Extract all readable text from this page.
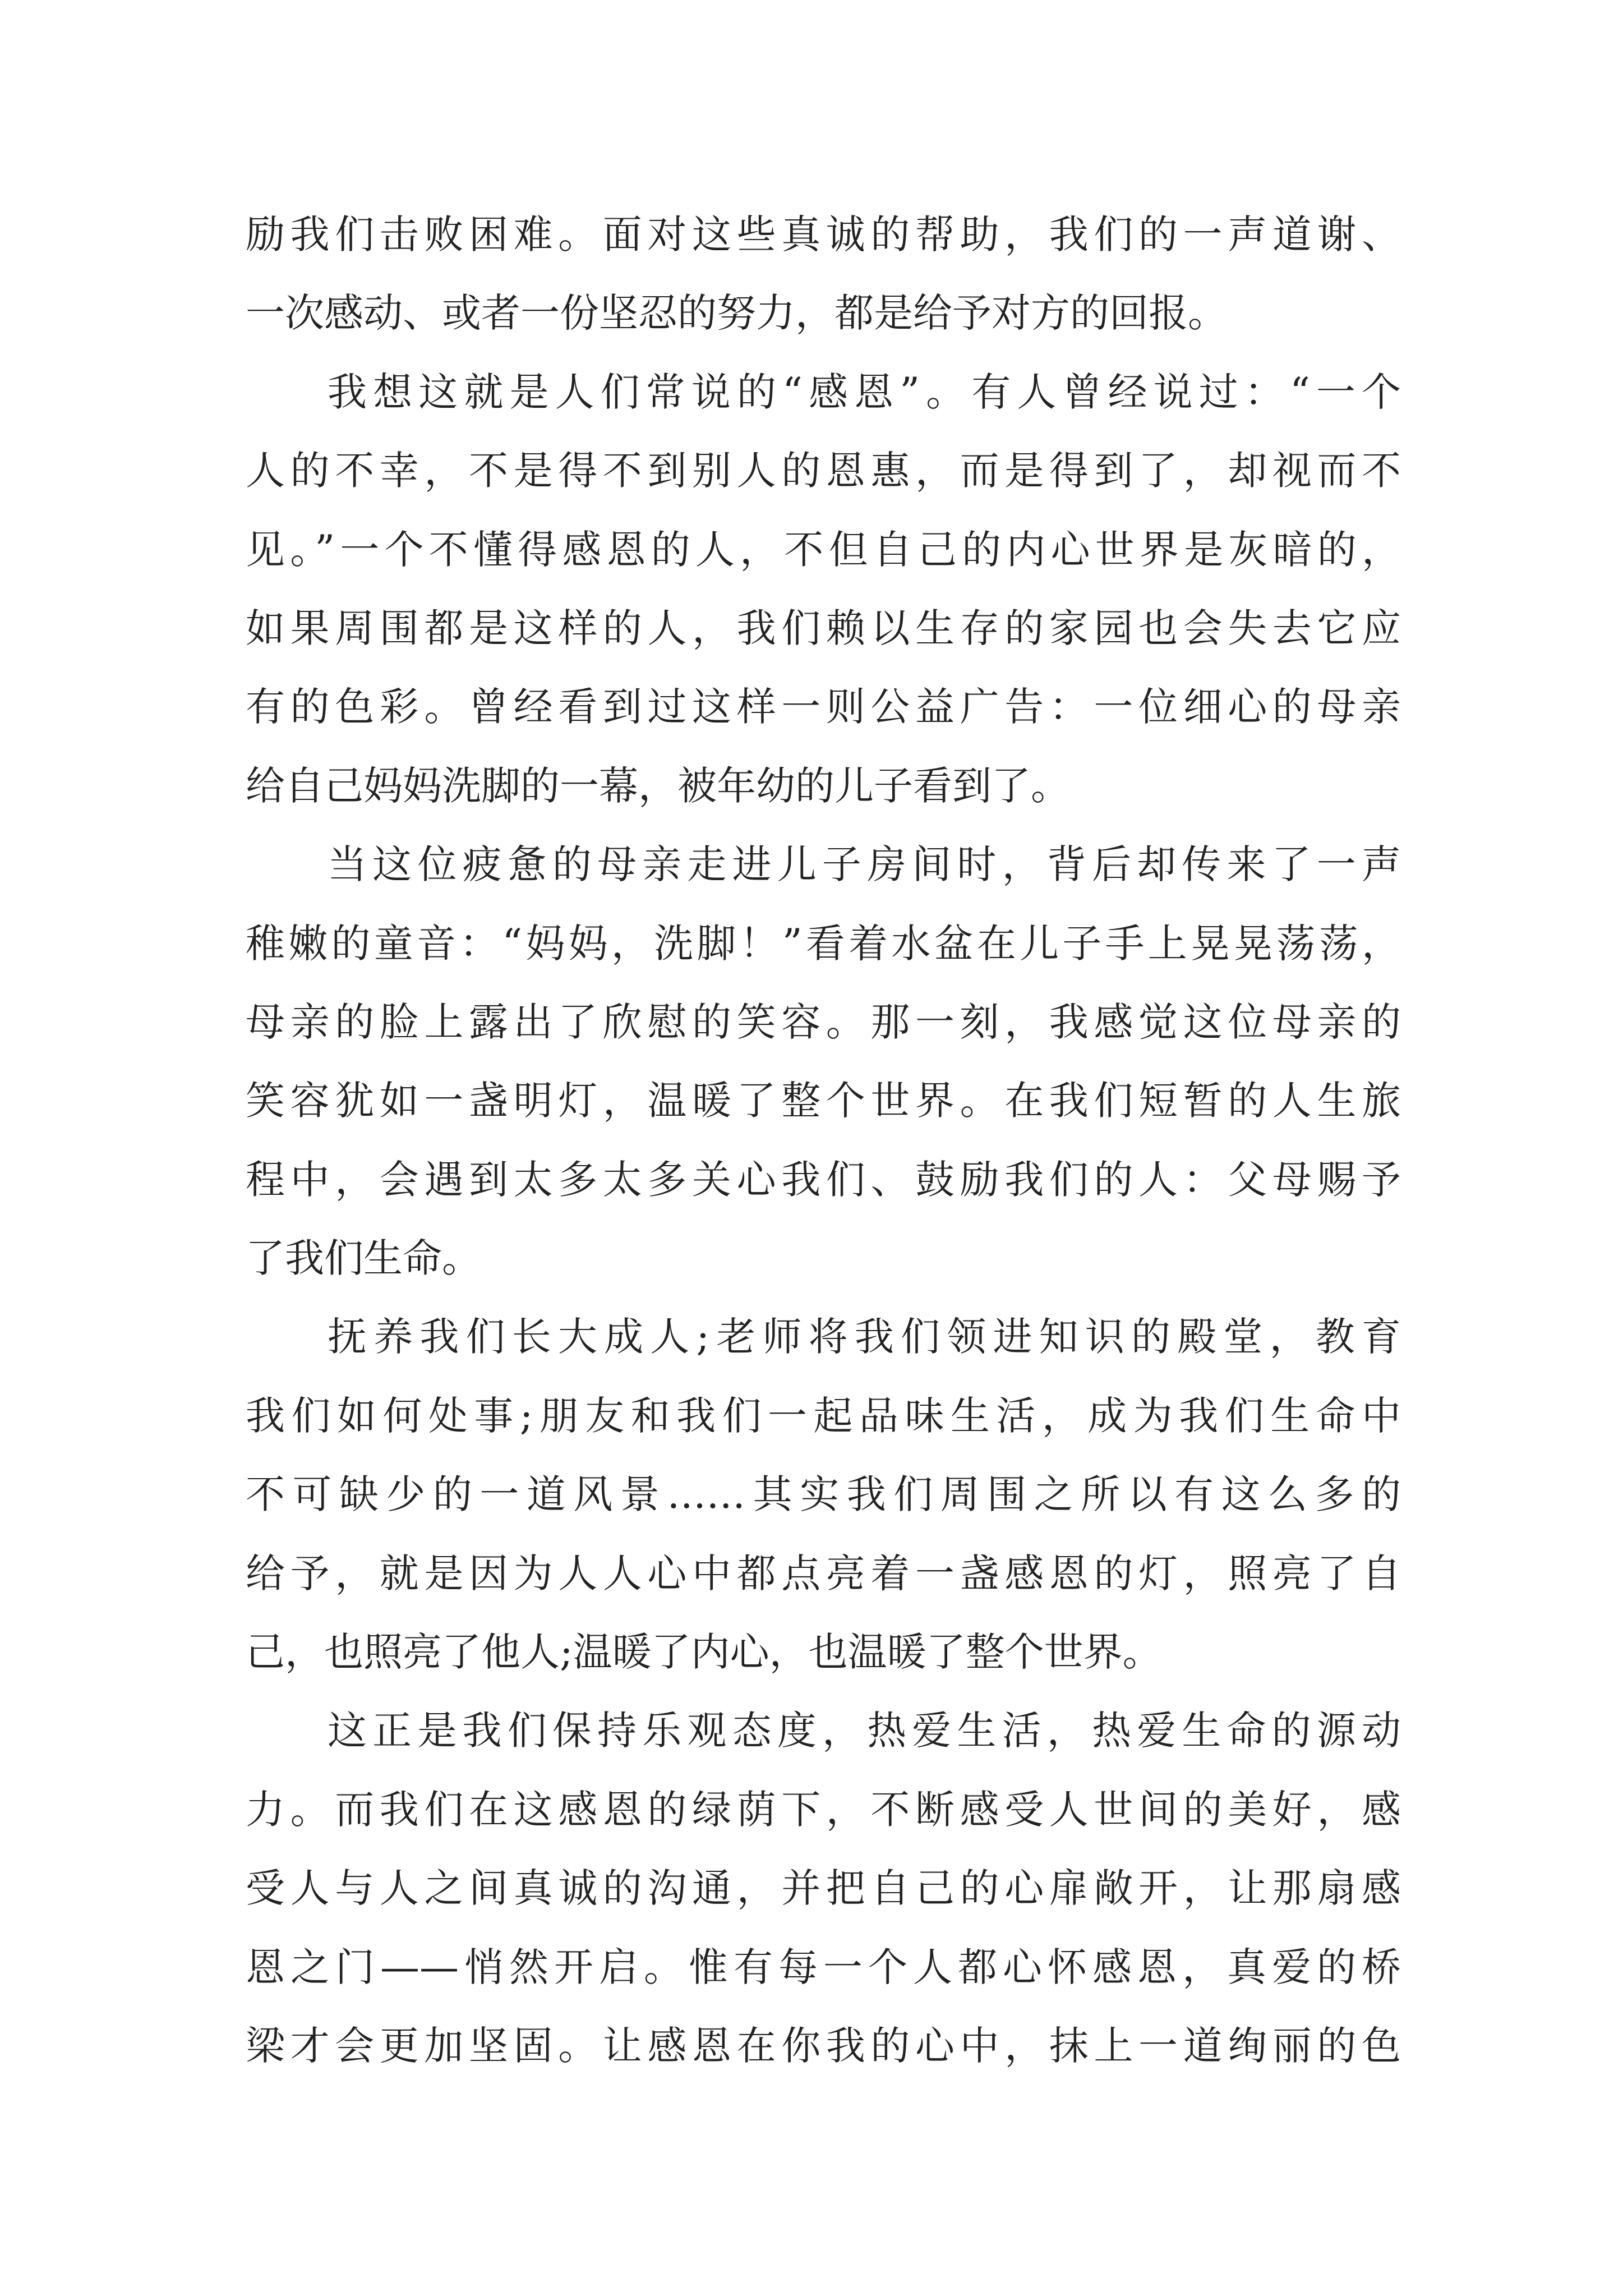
励我们击败困难。面对这些真诚的帮助，我们的一声道谢、
一次感动、或者一份坚忍的努力，都是给予对方的回报。
我想这就是人们常说的“感恩”。有人曾经说过：“一个
人的不幸，不是得不到别人的恩惠，而是得到了，却视而不
见。”一个不懂得感恩的人，不但自己的内心世界是灰暗的，
如果周围都是这样的人，我们赖以生存的家园也会失去它应
有的色彩。曾经看到过这样一则公益广告：一位细心的母亲
给自己妈妈洗脚的一幕，被年幼的儿子看到了。
当这位疲惫的母亲走进儿子房间时，背后却传来了一声
稚嫩的童音：“妈妈，洗脚！”看着水盆在儿子手上晃晃荡荡，
母亲的脸上露出了欣慰的笑容。那一刻，我感觉这位母亲的
笑容犹如一盏明灯，温暖了整个世界。在我们短暂的人生旅
程中，会遇到太多太多关心我们、鼓励我们的人：父母赐予
了我们生命。
抚养我们长大成人;老师将我们领进知识的殿堂，教育
我们如何处事;朋友和我们一起品味生活，成为我们生命中
不可缺少的一道风景……其实我们周围之所以有这么多的
给予，就是因为人人心中都点亮着一盏感恩的灯，照亮了自
己，也照亮了他人;温暖了内心，也温暖了整个世界。
这正是我们保持乐观态度，热爱生活，热爱生命的源动
力。而我们在这感恩的绿荫下，不断感受人世间的美好，感
受人与人之间真诚的沟通，并把自己的心扉敞开，让那扇感
恩之门——悄然开启。惟有每一个人都心怀感恩，真爱的桥
梁才会更加坚固。让感恩在你我的心中，抹上一道绚丽的色
